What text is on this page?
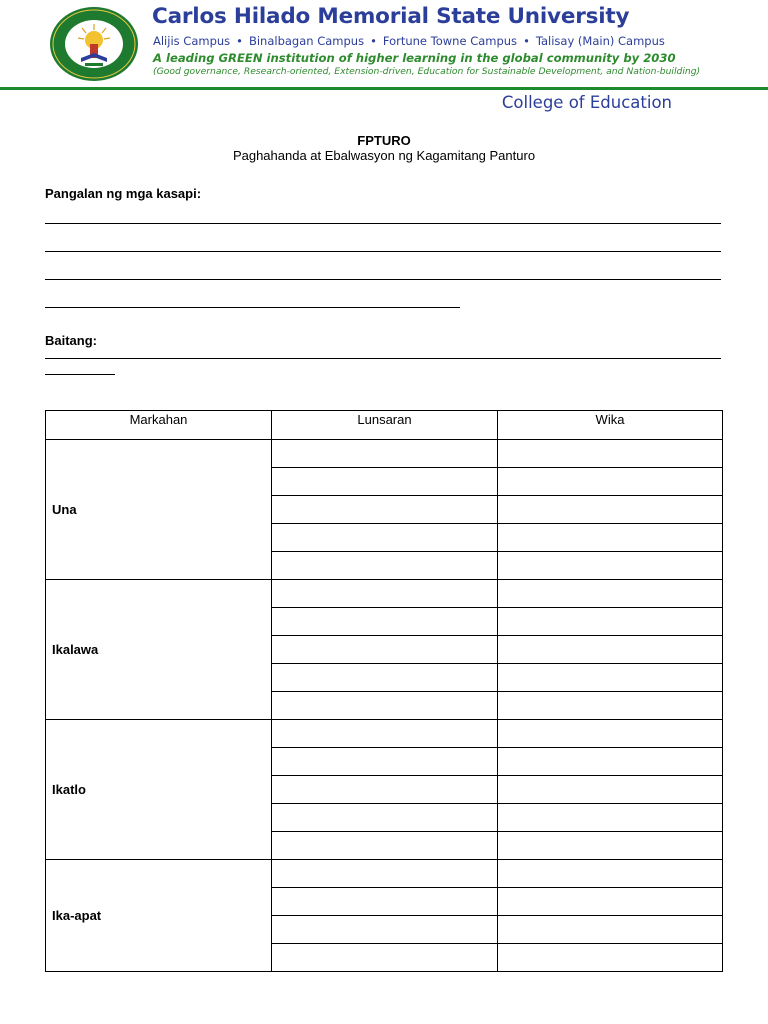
Carlos Hilado Memorial State University
Alijis Campus • Binalbagan Campus • Fortune Towne Campus • Talisay (Main) Campus
A leading GREEN institution of higher learning in the global community by 2030
(Good governance, Research-oriented, Extension-driven, Education for Sustainable Development, and Nation-building)
College of Education
FPTURO
Paghahanda at Ebalwasyon ng Kagamitang Panturo
Pangalan ng mga kasapi:
Baitang:
Markahan	Lunsaran	Wika
Una		

Ikalawa		

Ikatlo		

Ika-apat		
